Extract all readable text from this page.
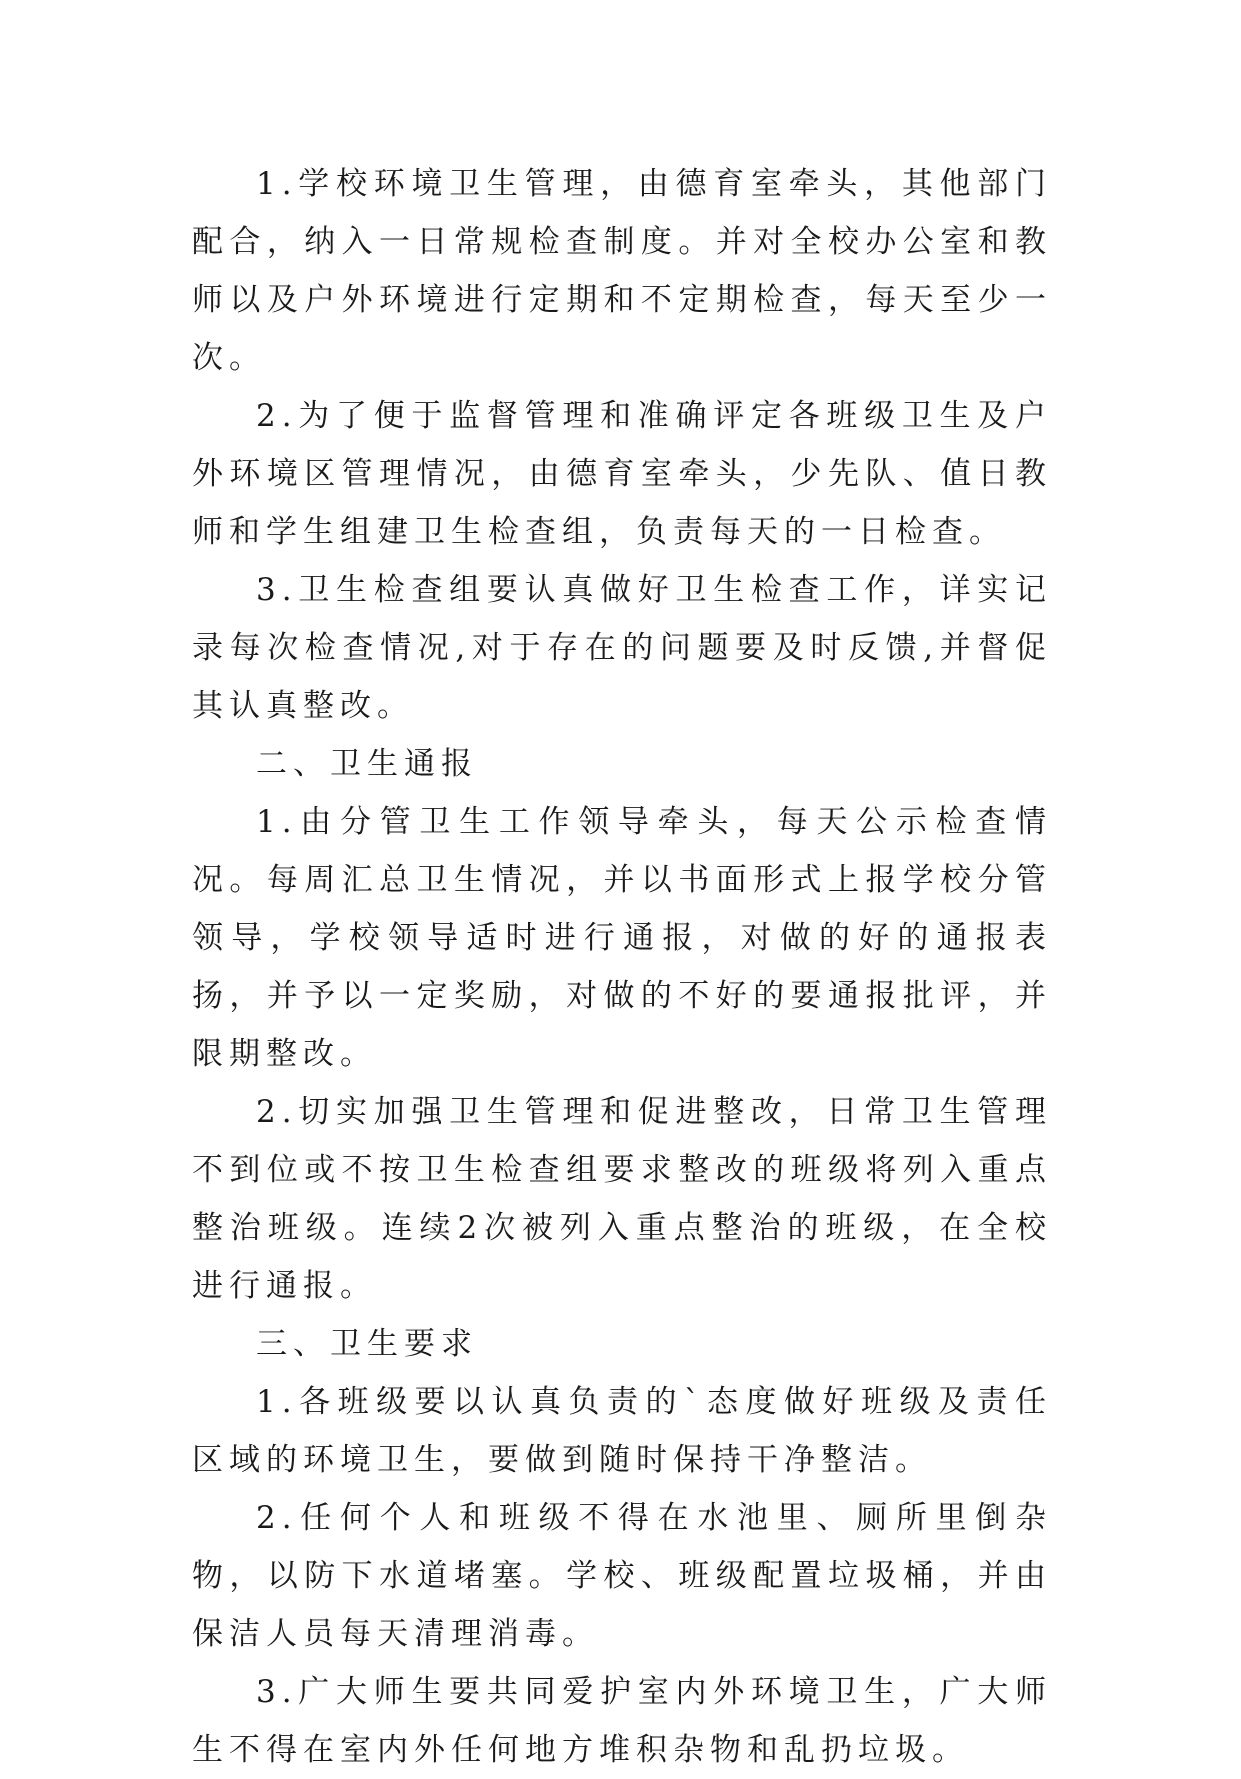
1.学校环境卫生管理，由德育室牵头，其他部门配合，纳入一日常规检查制度。并对全校办公室和教师以及户外环境进行定期和不定期检查，每天至少一次。

2.为了便于监督管理和准确评定各班级卫生及户外环境区管理情况，由德育室牵头，少先队、值日教师和学生组建卫生检查组，负责每天的一日检查。

3.卫生检查组要认真做好卫生检查工作，详实记录每次检查情况,对于存在的问题要及时反馈,并督促其认真整改。

二、卫生通报

1.由分管卫生工作领导牵头，每天公示检查情况。每周汇总卫生情况，并以书面形式上报学校分管领导，学校领导适时进行通报，对做的好的通报表扬，并予以一定奖励，对做的不好的要通报批评，并限期整改。

2.切实加强卫生管理和促进整改，日常卫生管理不到位或不按卫生检查组要求整改的班级将列入重点整治班级。连续2次被列入重点整治的班级，在全校进行通报。

三、卫生要求

1.各班级要以认真负责的`态度做好班级及责任区域的环境卫生，要做到随时保持干净整洁。

2.任何个人和班级不得在水池里、厕所里倒杂物，以防下水道堵塞。学校、班级配置垃圾桶，并由保洁人员每天清理消毒。

3.广大师生要共同爱护室内外环境卫生，广大师生不得在室内外任何地方堆积杂物和乱扔垃圾。
